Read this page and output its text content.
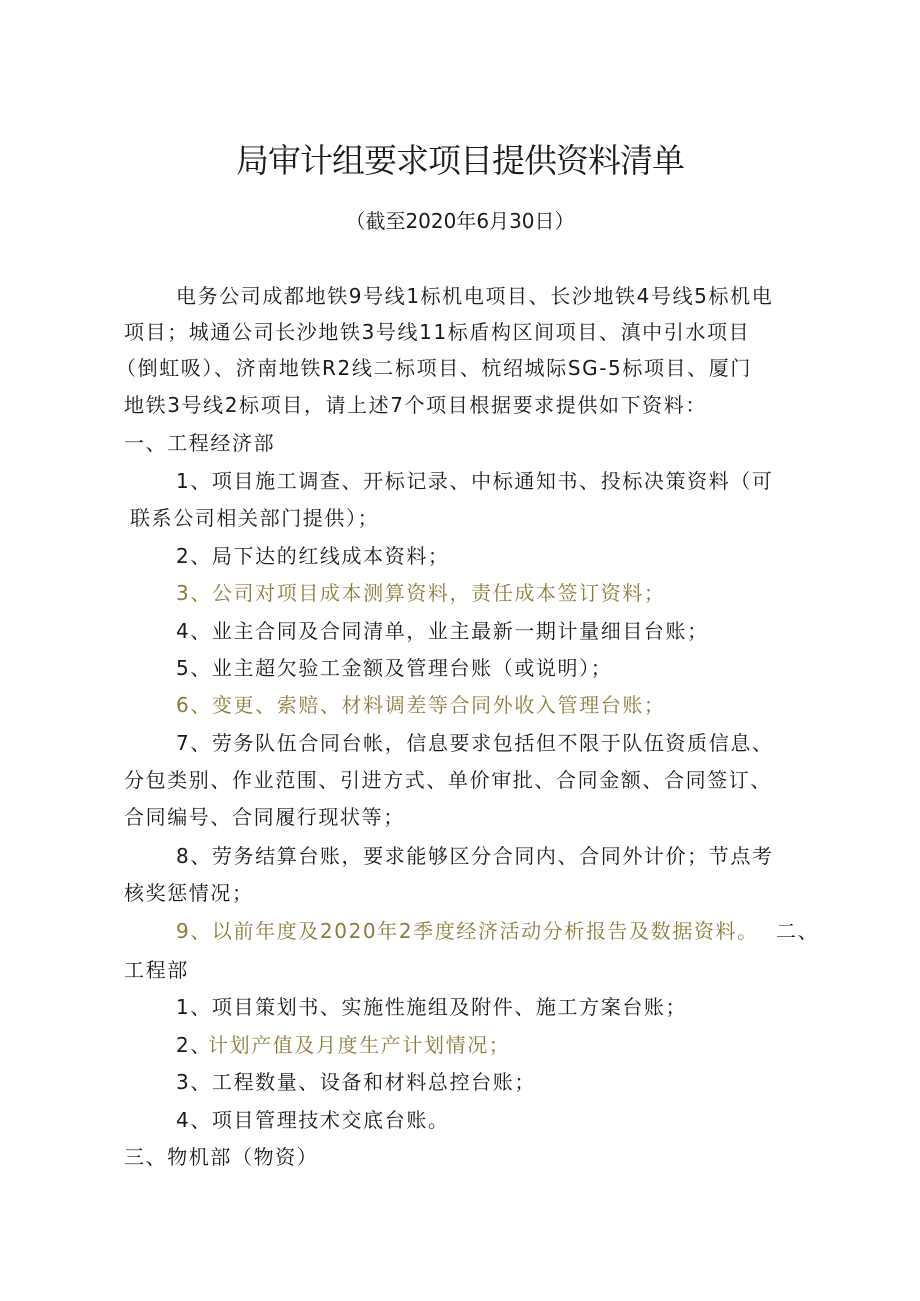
局审计组要求项目提供资料清单
（截至2020年6月30日）
电务公司成都地铁9号线1标机电项目、长沙地铁4号线5标机电
项目；城通公司长沙地铁3号线11标盾构区间项目、滇中引水项目
（倒虹吸）、济南地铁R2线二标项目、杭绍城际SG-5标项目、厦门
地铁3号线2标项目，请上述7个项目根据要求提供如下资料：
一、工程经济部
1、项目施工调查、开标记录、中标通知书、投标决策资料（可
联系公司相关部门提供）；
2、局下达的红线成本资料；
3、公司对项目成本测算资料，责任成本签订资料；
4、业主合同及合同清单，业主最新一期计量细目台账；
5、业主超欠验工金额及管理台账（或说明）；
6、变更、索赔、材料调差等合同外收入管理台账；
7、劳务队伍合同台帐，信息要求包括但不限于队伍资质信息、
分包类别、作业范围、引进方式、单价审批、合同金额、合同签订、
合同编号、合同履行现状等；
8、劳务结算台账，要求能够区分合同内、合同外计价；节点考
核奖惩情况；
9、以前年度及2020年2季度经济活动分析报告及数据资料。 二、
工程部
1、项目策划书、实施性施组及附件、施工方案台账；
2、
计划产值及月度生产计划情况；
3、工程数量、设备和材料总控台账；
4、项目管理技术交底台账。
三、物机部（物资）
